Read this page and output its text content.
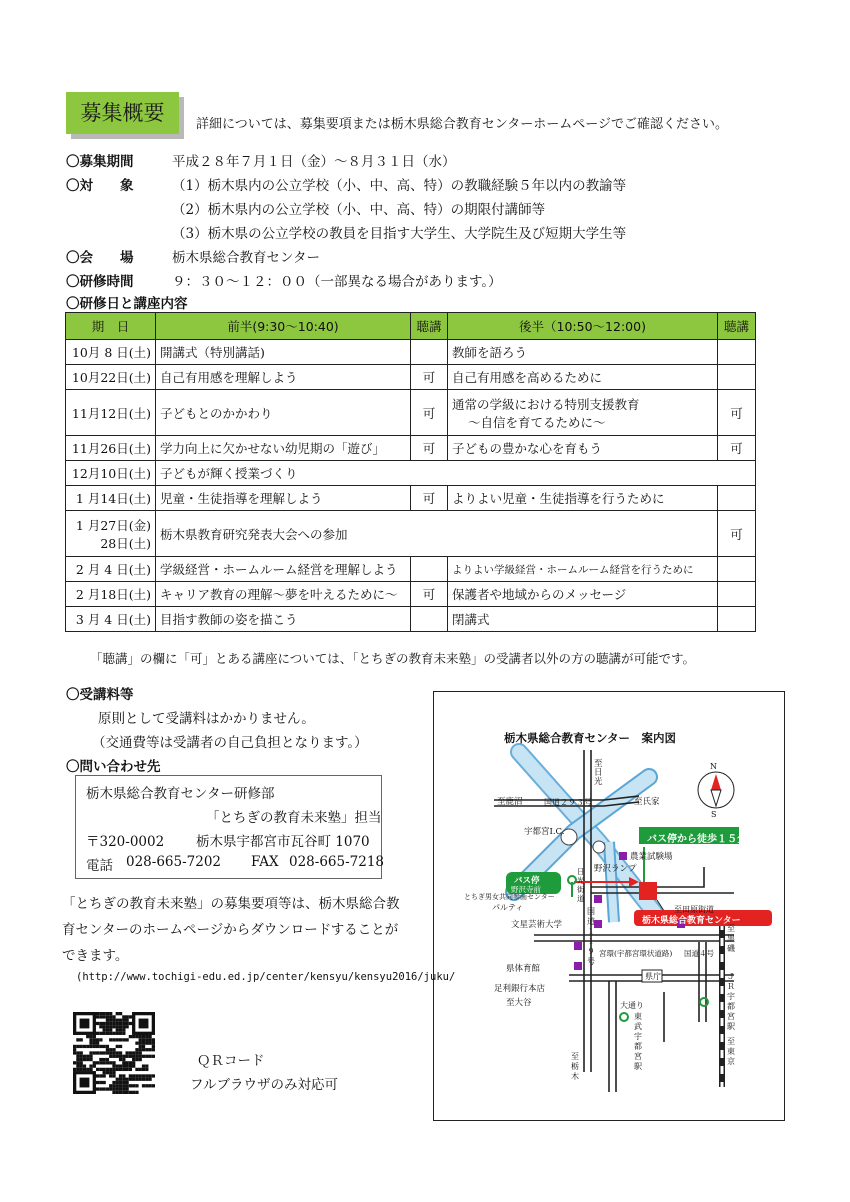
募集概要	詳細については、募集要項または栃木県総合教育センターホームページでご確認ください。
〇募集期間	平成２８年７月１日（金）～８月３１日（水）
〇対　　象	（1）栃木県内の公立学校（小、中、高、特）の教職経験５年以内の教諭等
（2）栃木県内の公立学校（小、中、高、特）の期限付講師等
（3）栃木県の公立学校の教員を目指す大学生、大学院生及び短期大学生等
〇会　　場	栃木県総合教育センター
〇研修時間	９：３０～１２：００（一部異なる場合があります。）
〇研修日と講座内容
期　日	前半(9:30～10:40)	聴講	後半（10:50～12:00)	聴講
10月 8 日(土)	開講式（特別講話)		教師を語ろう	
10月22日(土)	自己有用感を理解しよう	可	自己有用感を高めるために	
11月12日(土)	子どもとのかかわり	可	通常の学級における特別支援教育
～自信を育てるために～	可
11月26日(土)	学力向上に欠かせない幼児期の「遊び」	可	子どもの豊かな心を育もう	可
12月10日(土)	子どもが輝く授業づくり			
1 月14日(土)	児童・生徒指導を理解しよう	可	よりよい児童・生徒指導を行うために	

1 月27日(金)
28日(土)	栃木県教育研究発表大会への参加			可
2 月 4 日(土)	学級経営・ホームルーム経営を理解しよう		よりよい学級経営・ホームルーム経営を行うために	
2 月18日(土)	キャリア教育の理解～夢を叶えるために～	可	保護者や地域からのメッセージ	
3 月 4 日(土)	目指す教師の姿を描こう		閉講式	
「聴講」の欄に「可」とある講座については、「とちぎの教育未来塾」の受講者以外の方の聴講が可能です。
〇受講料等
原則として受講料はかかりません。
（交通費等は受講者の自己負担となります。）
〇問い合わせ先
栃木県総合教育センター研修部
「とちぎの教育未来塾」担当
〒320-0002 栃木県宇都宮市瓦谷町 1070
電話 028-665-7202 FAX 028-665-7218
「とちぎの教育未来塾」の募集要項等は、栃木県総合教育センターのホームページからダウンロードすることができます。
(http://www.tochigi-edu.ed.jp/center/kensyu/kensyu2016/juku/
ＱＲコード
フルブラウザのみ対応可
栃木県総合教育センター　案内図
バス停から徒歩１５分
栃木県総合教育センター
バス停
野沢寺前
至日光
至鹿沼	至氏家
国道２９３号
宇都宮I.C.
野沢ランプ
農業試験場
とちぎ男女共同参画センター
パルティ
文星芸術大学
至田原街道
宮環(宇都宮環状道路) 国道４号
国道１１９号
日光街道
県体育館
県庁
足利銀行本店
至大谷	大通り
東武宇都宮駅
ＪＲ宇都宮駅
至黒磯
至東京
至栃木
N
S
